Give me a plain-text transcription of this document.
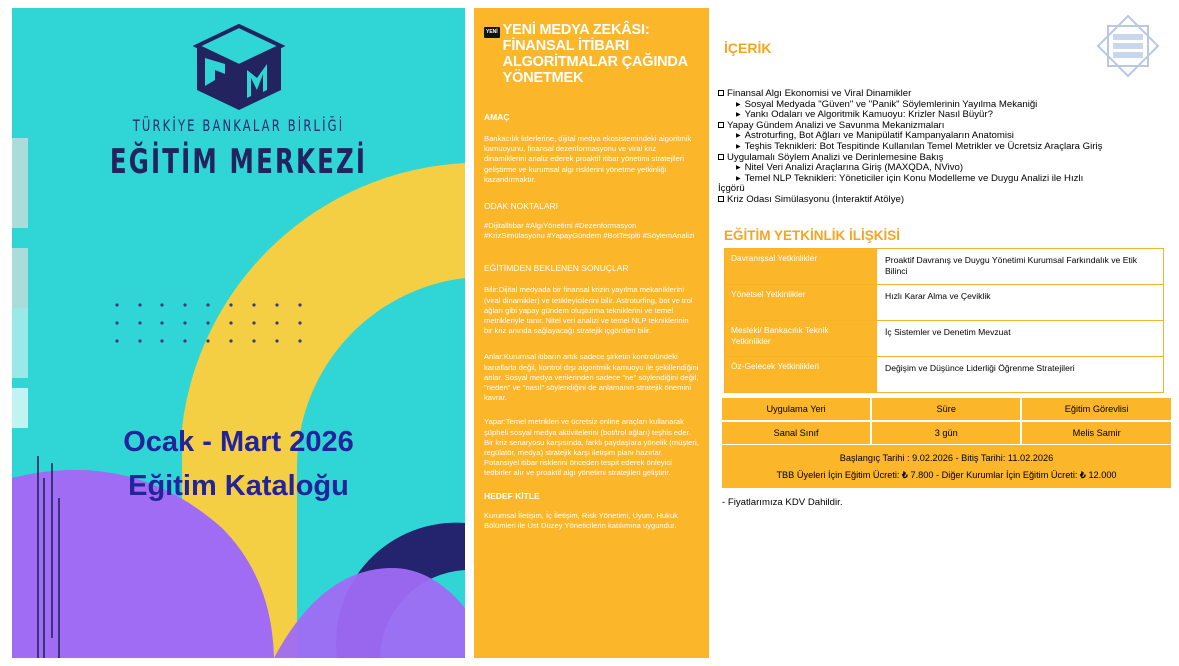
TÜRKİYE BANKALAR BİRLİĞİ
EĞİTİM MERKEZİ
Ocak - Mart 2026
Eğitim Kataloğu
YENİ YENİ MEDYA ZEKÂSI: FİNANSAL İTİBARI ALGORİTMALAR ÇAĞINDA YÖNETMEK
AMAÇ

Bankacılık liderlerine, dijital medya ekosistemindeki algoritmik kamuoyunu, finansal dezenformasyonu ve viral kriz dinamiklerini analiz ederek proaktif itibar yönetimi stratejileri geliştirme ve kurumsal algı risklerini yönetme yetkinliği kazandırmaktır.

ODAK NOKTALARI

#Dijitalİtibar #AlgıYönetimi #Dezenformasyon #KrizSimülasyonu #YapayGündem #BotTespiti #SöylemAnalizi

EĞİTİMDEN BEKLENEN SONUÇLAR

Bilir:Dijital medyada bir finansal krizin yayılma mekaniklerini (viral dinamikler) ve tetikleyicilerini bilir. Astroturfing, bot ve trol ağları gibi yapay gündem oluşturma tekniklerini ve temel metrikleriyle tanır. Nitel veri analizi ve temel NLP tekniklerinin bir kriz anında sağlayacağı stratejik içgörüleri bilir.

Anlar:Kurumsal itibarın artık sadece şirketin kontrolündeki kanallarla değil, kontrol dışı algoritmik kamuoyu ile şekillendiğini anlar. Sosyal medya verilerinden sadece "ne" söylendiğini değil, "neden" ve "nasıl" söylendiğini de anlamanın stratejik önemini kavrar.

Yapar:Temel metrikleri ve ücretsiz online araçları kullanarak şüpheli sosyal medya aktivitelerini (bot/trol ağları) teşhis eder. Bir kriz senaryosu karşısında, farklı paydaşlara yönelik (müşteri, regülatör, medya) stratejik karşı iletişim planı hazırlar. Potansiyel itibar risklerini önceden tespit ederek önleyici tedbirler alır ve proaktif algı yönetimi stratejileri geliştirir.

HEDEF KİTLE

Kurumsal İletişim, İç İletişim, Risk Yönetimi, Uyum, Hukuk Bölümleri ile Üst Düzey Yöneticilerin katılımına uygundur.

İÇERİK
Finansal Algı Ekonomisi ve Viral Dinamikler
▶ Sosyal Medyada "Güven" ve "Panik" Söylemlerinin Yayılma Mekaniği
▶ Yankı Odaları ve Algoritmik Kamuoyu: Krizler Nasıl Büyür?
Yapay Gündem Analizi ve Savunma Mekanizmaları
▶ Astroturfing, Bot Ağları ve Manipülatif Kampanyaların Anatomisi
▶ Teşhis Teknikleri: Bot Tespitinde Kullanılan Temel Metrikler ve Ücretsiz Araçlara Giriş
Uygulamalı Söylem Analizi ve Derinlemesine Bakış
▶ Nitel Veri Analizi Araçlarına Giriş (MAXQDA, NVivo)
▶ Temel NLP Teknikleri: Yöneticiler için Konu Modelleme ve Duygu Analizi ile Hızlı
İçgörü
Kriz Odası Simülasyonu (İnteraktif Atölye)
EĞİTİM YETKİNLİK İLİŞKİSİ
Davranışsal Yetkinlikler	Proaktif Davranış ve Duygu Yönetimi Kurumsal Farkındalık ve Etik Bilinci
Yönetsel Yetkinlikler	Hızlı Karar Alma ve Çeviklik
Mesleki/ Bankacılık Teknik Yetkinlikler	İç Sistemler ve Denetim Mevzuat
Öz-Gelecek Yetkinlikleri	Değişim ve Düşünce Liderliği Öğrenme Stratejileri
Uygulama Yeri	Süre	Eğitim Görevlisi
Sanal Sınıf	3 gün	Melis Samir
Başlangıç Tarihi : 9.02.2026 - Bitiş Tarihi: 11.02.2026		
TBB Üyeleri İçin Eğitim Ücreti: ₺ 7.800 - Diğer Kurumlar İçin Eğitim Ücreti: ₺ 12.000		
- Fiyatlarımıza KDV Dahildir.
